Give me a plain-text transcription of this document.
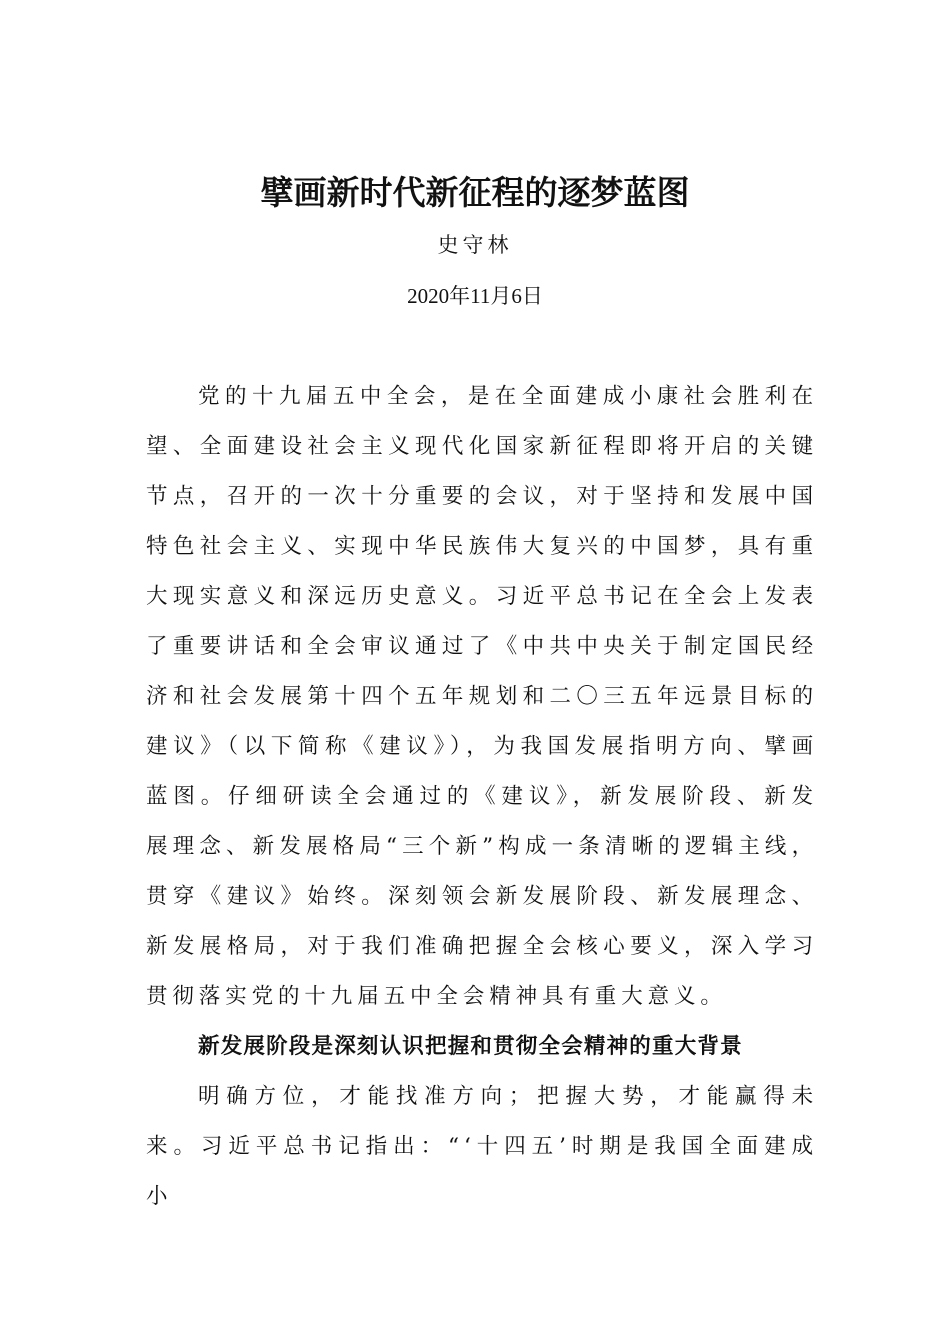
擘画新时代新征程的逐梦蓝图
史守林
2020年11月6日

党的十九届五中全会，是在全面建成小康社会胜利在望、全面建设社会主义现代化国家新征程即将开启的关键节点，召开的一次十分重要的会议，对于坚持和发展中国特色社会主义、实现中华民族伟大复兴的中国梦，具有重大现实意义和深远历史意义。习近平总书记在全会上发表了重要讲话和全会审议通过了《中共中央关于制定国民经济和社会发展第十四个五年规划和二〇三五年远景目标的建议》（以下简称《建议》），为我国发展指明方向、擘画蓝图。仔细研读全会通过的《建议》，新发展阶段、新发展理念、新发展格局“三个新”构成一条清晰的逻辑主线，贯穿《建议》始终。深刻领会新发展阶段、新发展理念、新发展格局，对于我们准确把握全会核心要义，深入学习贯彻落实党的十九届五中全会精神具有重大意义。

新发展阶段是深刻认识把握和贯彻全会精神的重大背景

明确方位，才能找准方向；把握大势，才能赢得未来。习近平总书记指出：“‘十四五’时期是我国全面建成小
